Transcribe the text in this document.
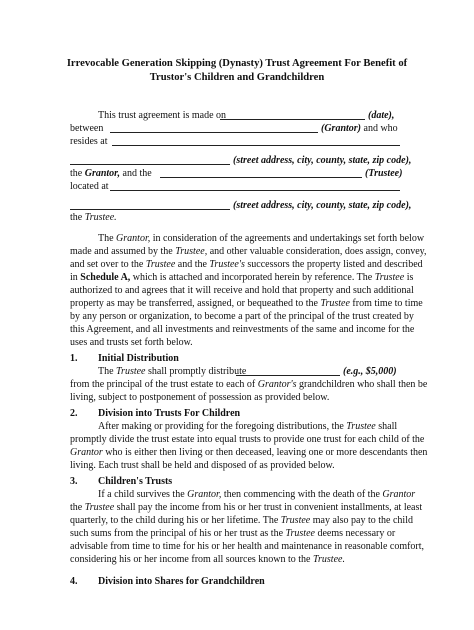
Irrevocable Generation Skipping (Dynasty) Trust Agreement For Benefit of
Trustor's Children and Grandchildren
This trust agreement is made on	(date),
between	(Grantor) and who
resides at
(street address, city, county, state, zip code),
the Grantor, and the	(Trustee)
located at
(street address, city, county, state, zip code),
the Trustee.
The Grantor, in consideration of the agreements and undertakings set forth below
made and assumed by the Trustee, and other valuable consideration, does assign, convey,
and set over to the Trustee and the Trustee's successors the property listed and described
in Schedule A, which is attached and incorporated herein by reference. The Trustee is
authorized to and agrees that it will receive and hold that property and such additional
property as may be transferred, assigned, or bequeathed to the Trustee from time to time
by any person or organization, to become a part of the principal of the trust created by
this Agreement, and all investments and reinvestments of the same and income for the
uses and trusts set forth below.
1. Initial Distribution
The Trustee shall promptly distribute	(e.g., $5,000)
from the principal of the trust estate to each of Grantor's grandchildren who shall then be
living, subject to postponement of possession as provided below.
2. Division into Trusts For Children
After making or providing for the foregoing distributions, the Trustee shall
promptly divide the trust estate into equal trusts to provide one trust for each child of the
Grantor who is either then living or then deceased, leaving one or more descendants then
living. Each trust shall be held and disposed of as provided below.
3. Children's Trusts
If a child survives the Grantor, then commencing with the death of the Grantor
the Trustee shall pay the income from his or her trust in convenient installments, at least
quarterly, to the child during his or her lifetime. The Trustee may also pay to the child
such sums from the principal of his or her trust as the Trustee deems necessary or
advisable from time to time for his or her health and maintenance in reasonable comfort,
considering his or her income from all sources known to the Trustee.
4. Division into Shares for Grandchildren
